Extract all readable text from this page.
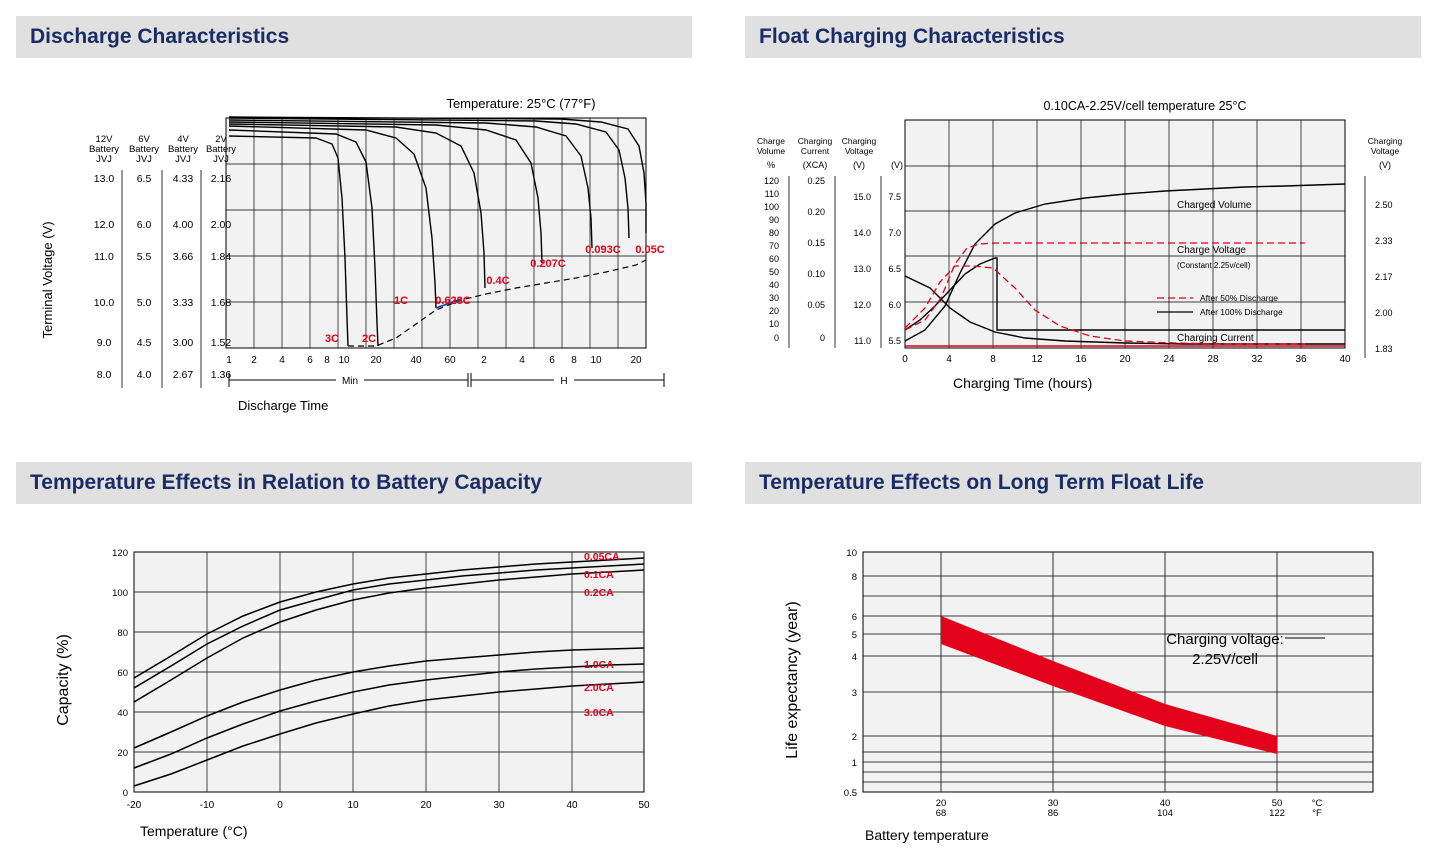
Discharge Characteristics
12V
Battery
JVJ
6V
Battery
JVJ
4V
Battery
JVJ
2V
Battery
JVJ
13.0
12.0
11.0
10.0
9.0
8.0
6.5
6.0
5.5
5.0
4.5
4.0
4.33
4.00
3.66
3.33
3.00
2.67
2.16
2.00
1.84
1.68
1.52
1.36
1 2 4 6 8 10 20	40 60	2	4 6 8 10	20
Min	H
Terminal Voltage (V)
Discharge Time
Temperature: 25°C (77°F)
3C 2C
1C 0.628C
0.4C
0.207C
0.093C 0.05C
Float Charging Characteristics
Charge
Volume
Charging
Current
Charging
Voltage
Charging
Voltage
%	(XCA)	(V)	(V)	(V)
120
110
100
90
80
70
60
50
40
30
20
10
0
0.25
0.20
0.15
0.10
0.05
0
15.0
14.0
13.0
12.0
11.0
7.5
7.0
6.5
6.0
5.5
2.50
2.33
2.17
2.00
1.83
Charged Volume
Charge Voltage
(Constant 2.25v/cell)
Charging Current
After 50% Discharge
After 100% Discharge
0.10CA-2.25V/cell temperature 25°C
0	4	8	12	16	20	24	28	32	36	40
Charging Time (hours)
Temperature Effects in Relation to Battery Capacity
120
100
80
60
40
20
0
-20	-10	0	10	20	30	40	50
Capacity (%)
Temperature (°C)
0.05CA
0.1CA
0.2CA
1.0CA
2.0CA
3.0CA
Temperature Effects on Long Term Float Life
10
8
6
5
4
3
2
1
0.5
20
68
30
86
40
104
50
122
°C
°F
Life expectancy (year)
Battery temperature
Charging voltage:
2.25V/cell
